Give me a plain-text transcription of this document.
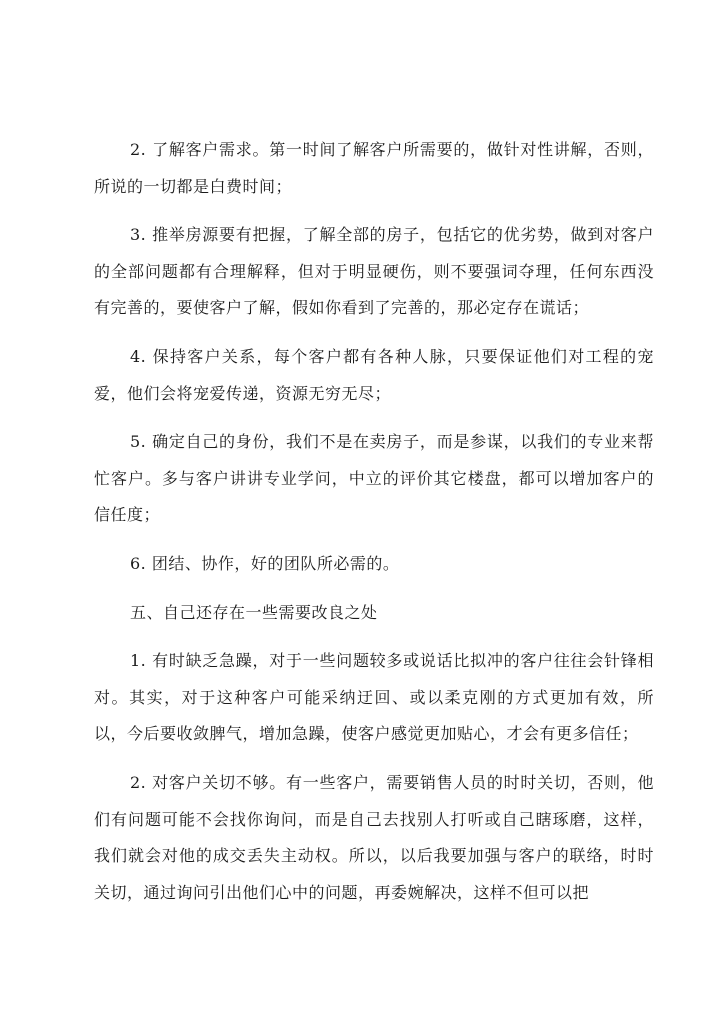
2. 了解客户需求。第一时间了解客户所需要的，做针对性讲解，否则，所说的一切都是白费时间；

3. 推举房源要有把握，了解全部的房子，包括它的优劣势，做到对客户的全部问题都有合理解释，但对于明显硬伤，则不要强词夺理，任何东西没有完善的，要使客户了解，假如你看到了完善的，那必定存在谎话；

4. 保持客户关系，每个客户都有各种人脉，只要保证他们对工程的宠爱，他们会将宠爱传递，资源无穷无尽；

5. 确定自己的身份，我们不是在卖房子，而是参谋，以我们的专业来帮忙客户。多与客户讲讲专业学问，中立的评价其它楼盘，都可以增加客户的信任度；

6. 团结、协作，好的团队所必需的。

五、自己还存在一些需要改良之处

1. 有时缺乏急躁，对于一些问题较多或说话比拟冲的客户往往会针锋相对。其实，对于这种客户可能采纳迂回、或以柔克刚的方式更加有效，所以，今后要收敛脾气，增加急躁，使客户感觉更加贴心，才会有更多信任；

2. 对客户关切不够。有一些客户，需要销售人员的时时关切，否则，他们有问题可能不会找你询问，而是自己去找别人打听或自己瞎琢磨，这样，我们就会对他的成交丢失主动权。所以，以后我要加强与客户的联络，时时关切，通过询问引出他们心中的问题，再委婉解决，这样不但可以把
